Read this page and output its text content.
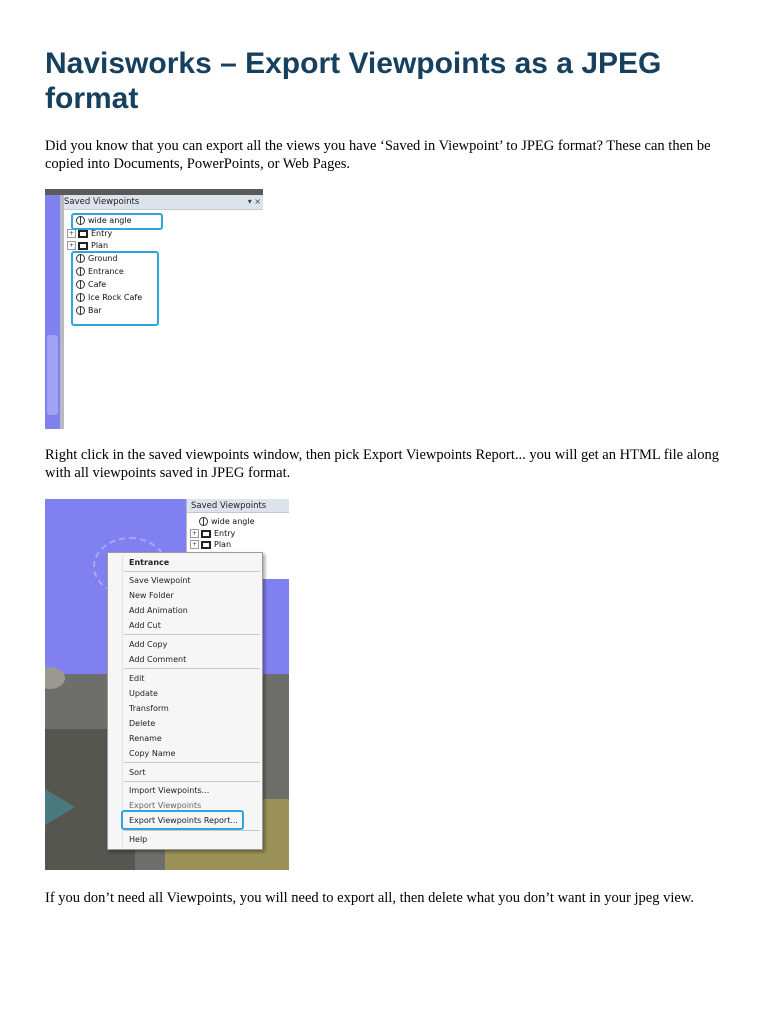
Navisworks – Export Viewpoints as a JPEG format

Did you know that you can export all the views you have ‘Saved in Viewpoint’ to JPEG format? These can then be copied into Documents, PowerPoints, or Web Pages.

Saved Viewpoints	▾ ×
wide angle
+ Entry
+ Plan
Ground
Entrance
Cafe
Ice Rock Cafe
Bar

Right click in the saved viewpoints window, then pick Export Viewpoints Report... you will get an HTML file along with all viewpoints saved in JPEG format.

Saved Viewpoints
wide angle
+ Entry
+ Plan
Entrance
Save Viewpoint
New Folder
Add Animation
Add Cut
Add Copy
Add Comment
Edit
Update
Transform
Delete
Rename
Copy Name
Sort
Import Viewpoints...
Export Viewpoints
Export Viewpoints Report...
Help

If you don’t need all Viewpoints, you will need to export all, then delete what you don’t want in your jpeg view.
